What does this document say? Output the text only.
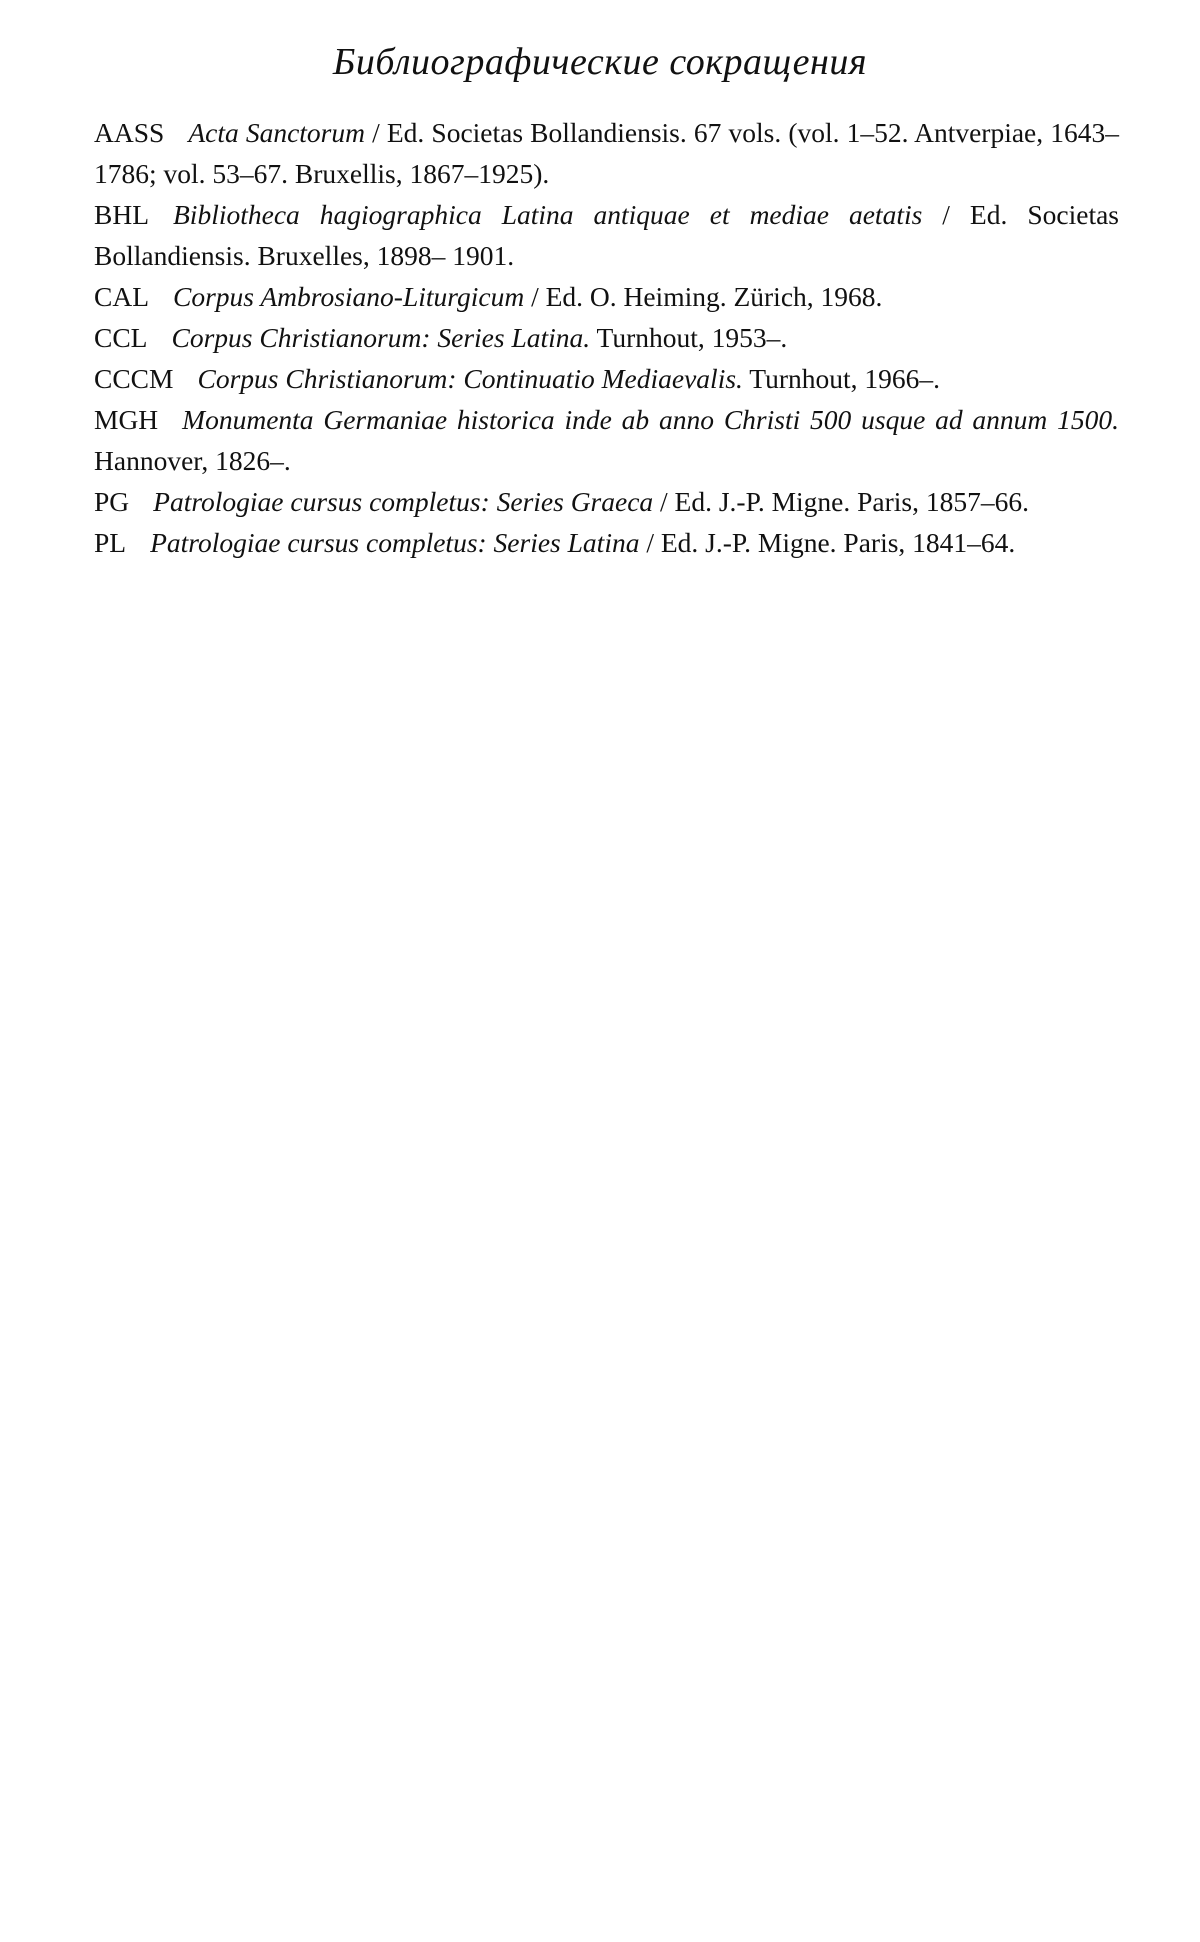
Библиографические сокращения

AASS Acta Sanctorum / Ed. Societas Bollandiensis. 67 vols. (vol. 1–52. Antverpiae, 1643–1786; vol. 53–67. Bruxellis, 1867–1925).

BHL Bibliotheca hagiographica Latina antiquae et mediae aetatis / Ed. Societas Bollandiensis. Bruxelles, 1898– 1901.

CAL Corpus Ambrosiano-Liturgicum / Ed. O. Heiming. Zürich, 1968.

CCL Corpus Christianorum: Series Latina. Turnhout, 1953–.

CCCM Corpus Christianorum: Continuatio Mediaevalis. Turnhout, 1966–.

MGH Monumenta Germaniae historica inde ab anno Christi 500 usque ad annum 1500. Hannover, 1826–.

PG Patrologiae cursus completus: Series Graeca / Ed. J.-P. Migne. Paris, 1857–66.

PL Patrologiae cursus completus: Series Latina / Ed. J.-P. Migne. Paris, 1841–64.
